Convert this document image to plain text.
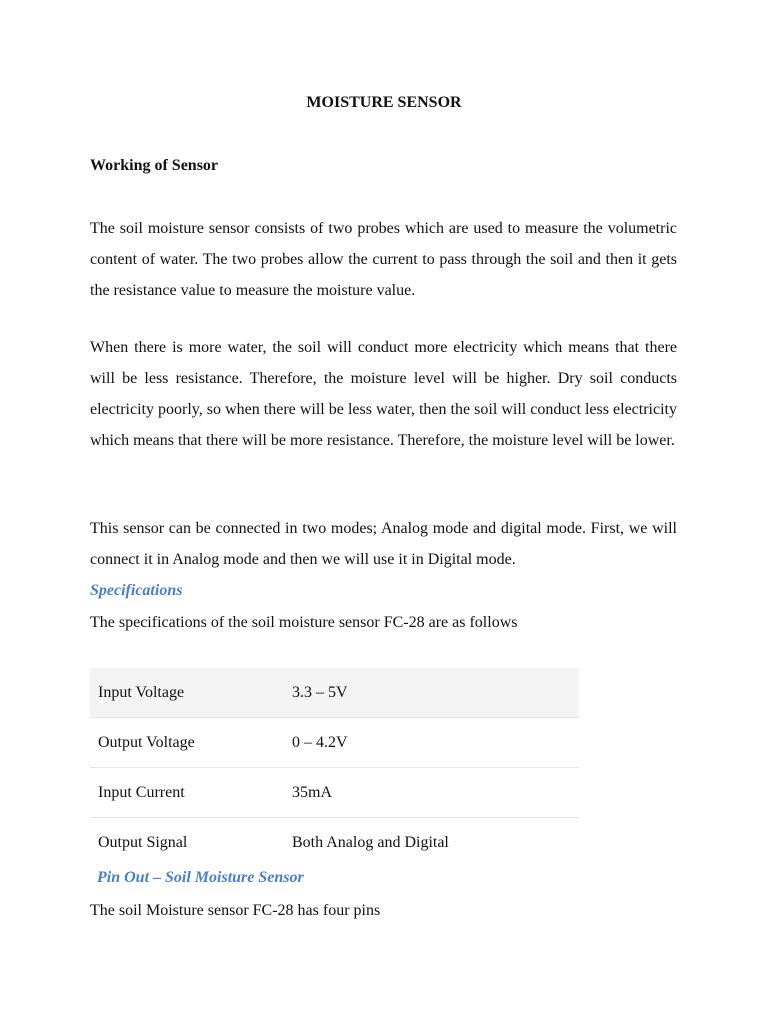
MOISTURE SENSOR
Working of Sensor

The soil moisture sensor consists of two probes which are used to measure the volumetric content of water. The two probes allow the current to pass through the soil and then it gets the resistance value to measure the moisture value.

When there is more water, the soil will conduct more electricity which means that there will be less resistance. Therefore, the moisture level will be higher. Dry soil conducts electricity poorly, so when there will be less water, then the soil will conduct less electricity which means that there will be more resistance. Therefore, the moisture level will be lower.

This sensor can be connected in two modes; Analog mode and digital mode. First, we will connect it in Analog mode and then we will use it in Digital mode.

Specifications
The specifications of the soil moisture sensor FC-28 are as follows
Input Voltage	3.3 – 5V
Output Voltage	0 – 4.2V
Input Current	35mA
Output Signal	Both Analog and Digital
Pin Out – Soil Moisture Sensor
The soil Moisture sensor FC-28 has four pins
